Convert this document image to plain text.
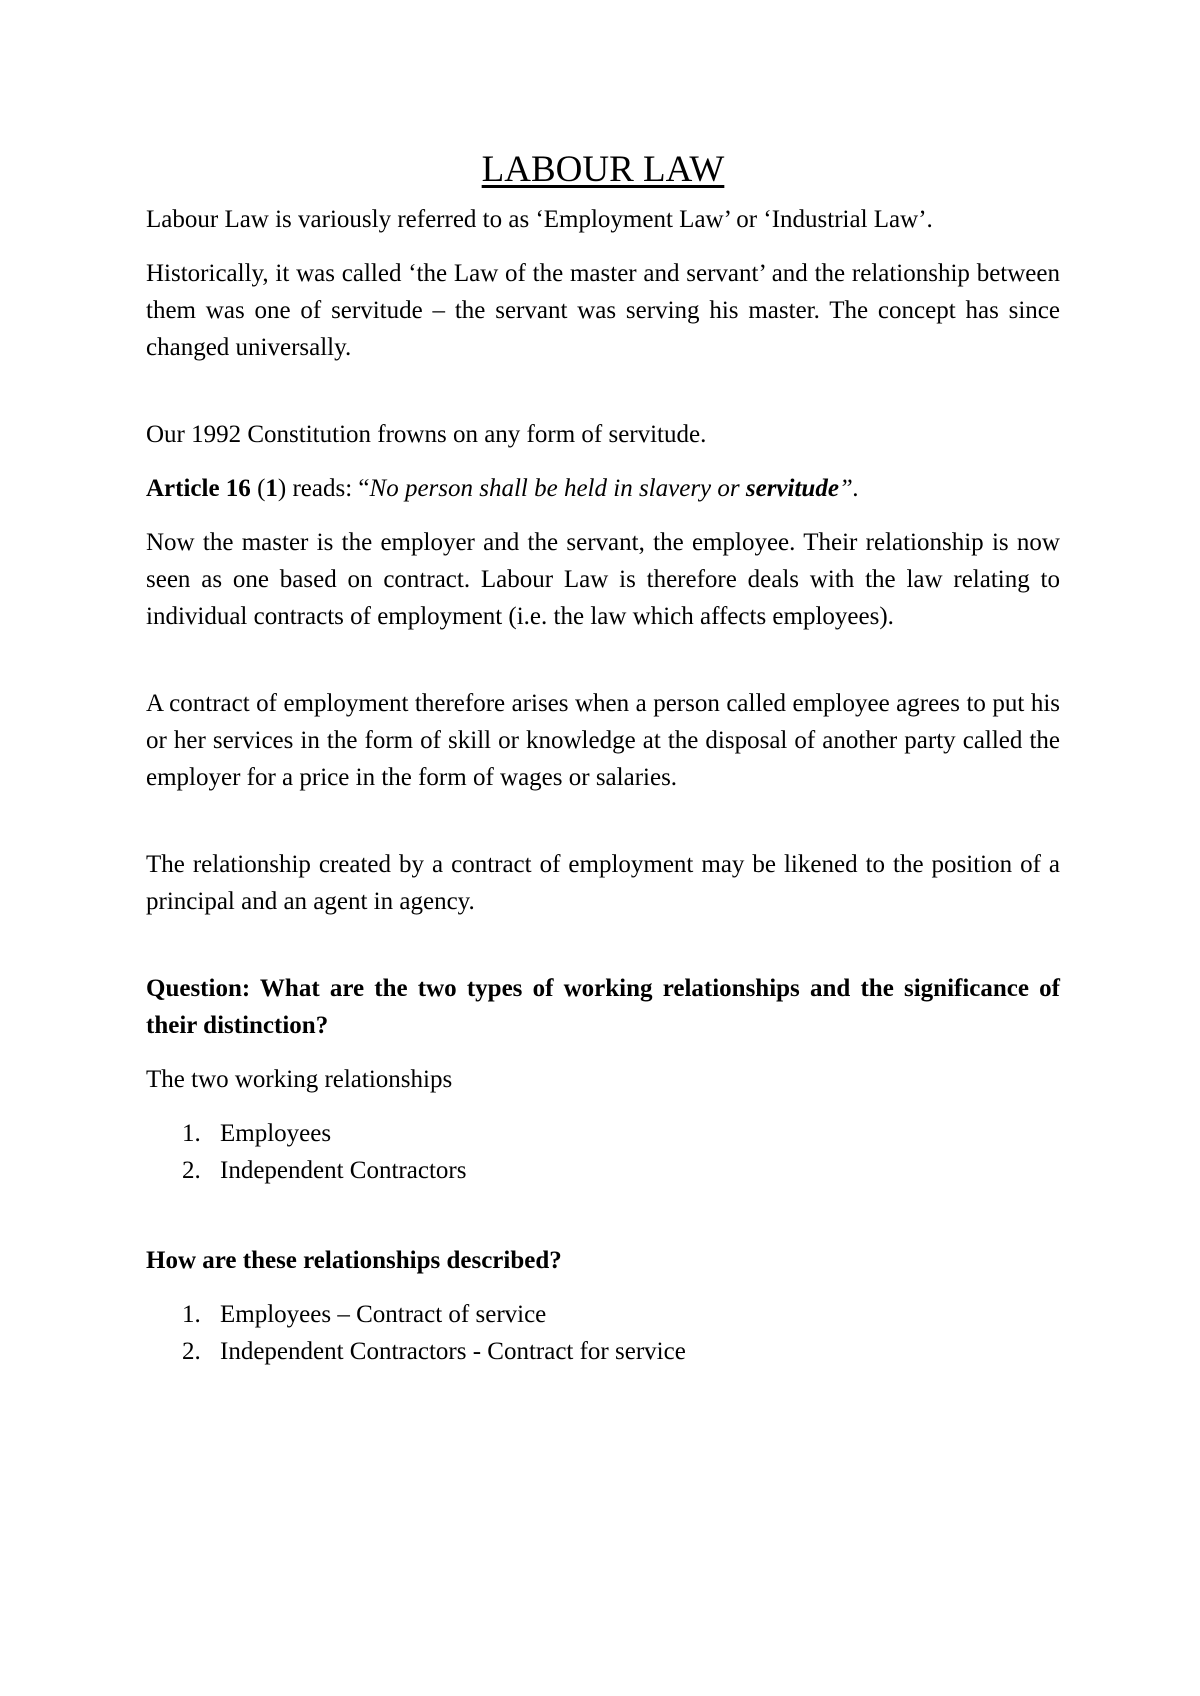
LABOUR LAW

Labour Law is variously referred to as ‘Employment Law’ or ‘Industrial Law’.

Historically, it was called ‘the Law of the master and servant’ and the relationship between them was one of servitude – the servant was serving his master. The concept has since changed universally.

Our 1992 Constitution frowns on any form of servitude.

Article 16 (1) reads: “No person shall be held in slavery or servitude”.

Now the master is the employer and the servant, the employee. Their relationship is now seen as one based on contract. Labour Law is therefore deals with the law relating to individual contracts of employment (i.e. the law which affects employees).

A contract of employment therefore arises when a person called employee agrees to put his or her services in the form of skill or knowledge at the disposal of another party called the employer for a price in the form of wages or salaries.

The relationship created by a contract of employment may be likened to the position of a principal and an agent in agency.

Question: What are the two types of working relationships and the significance of their distinction?

The two working relationships

1. Employees
2. Independent Contractors

How are these relationships described?

1. Employees – Contract of service
2. Independent Contractors - Contract for service
